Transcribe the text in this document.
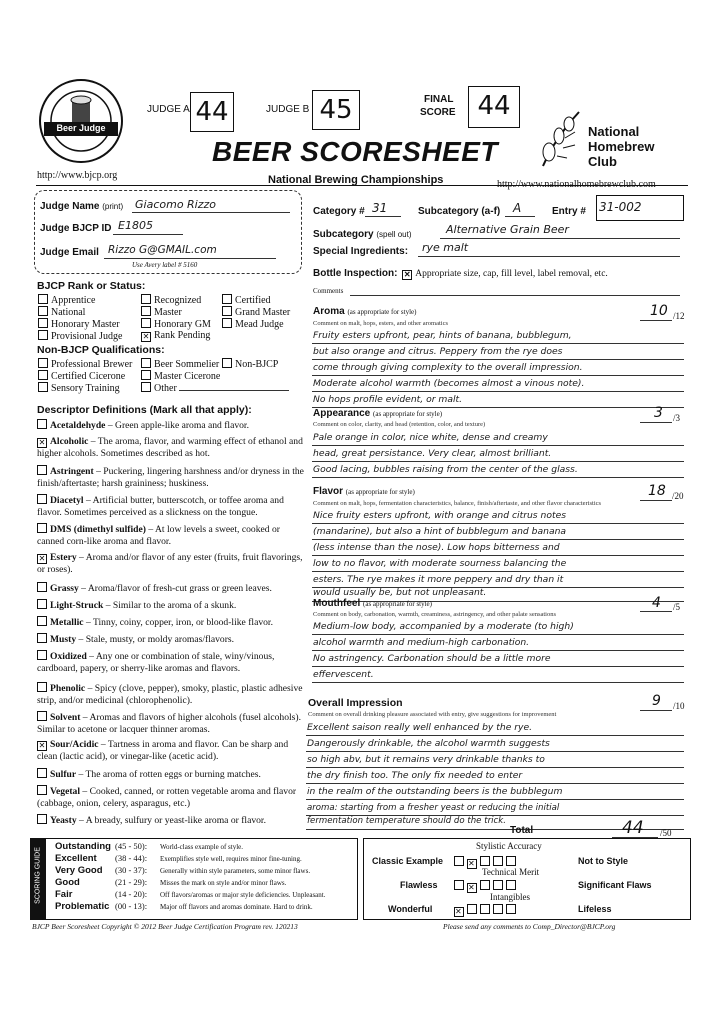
Beer Judge
JUDGE A 44	JUDGE B 45	FINAL
SCORE 44
BEER SCORESHEET
National
Homebrew
Club
http://www.bjcp.org	National Brewing Championships	http://www.nationalhomebrewclub.com
Judge Name (print) Giacomo Rizzo
Judge BJCP ID E1805
Judge Email Rizzo G@GMAIL.com
Use Avery label # 5160
Category # 31	Subcategory (a-f) A	Entry # 31-002
Subcategory (spell out)	Alternative Grain Beer
Special Ingredients: rye malt
Bottle Inspection: ✕ Appropriate size, cap, fill level, label removal, etc.
Comments
BJCP Rank or Status:
Apprentice
National
Honorary Master
Provisional Judge
Recognized
Master
Honorary GM
✕ Rank Pending
Certified
Grand Master
Mead Judge
Non-BJCP Qualifications:
Professional Brewer
Certified Cicerone
Sensory Training
Beer Sommelier
Master Cicerone
Other
Non-BJCP
Descriptor Definitions (Mark all that apply):
Acetaldehyde – Green apple-like aroma and flavor.
✕ Alcoholic – The aroma, flavor, and warming effect of ethanol and higher alcohols. Sometimes described as hot.
Astringent – Puckering, lingering harshness and/or dryness in the finish/aftertaste; harsh graininess; huskiness.
Diacetyl – Artificial butter, butterscotch, or toffee aroma and flavor. Sometimes perceived as a slickness on the tongue.
DMS (dimethyl sulfide) – At low levels a sweet, cooked or canned corn-like aroma and flavor.
✕ Estery – Aroma and/or flavor of any ester (fruits, fruit flavorings, or roses).
Grassy – Aroma/flavor of fresh-cut grass or green leaves.
Light-Struck – Similar to the aroma of a skunk.
Metallic – Tinny, coiny, copper, iron, or blood-like flavor.
Musty – Stale, musty, or moldy aromas/flavors.
Oxidized – Any one or combination of stale, winy/vinous, cardboard, papery, or sherry-like aromas and flavors.
Phenolic – Spicy (clove, pepper), smoky, plastic, plastic adhesive strip, and/or medicinal (chlorophenolic).
Solvent – Aromas and flavors of higher alcohols (fusel alcohols). Similar to acetone or lacquer thinner aromas.
✕ Sour/Acidic – Tartness in aroma and flavor. Can be sharp and clean (lactic acid), or vinegar-like (acetic acid).
Sulfur – The aroma of rotten eggs or burning matches.
Vegetal – Cooked, canned, or rotten vegetable aroma and flavor (cabbage, onion, celery, asparagus, etc.)
Yeasty – A bready, sulfury or yeast-like aroma or flavor.
Aroma (as appropriate for style)
Comment on malt, hops, esters, and other aromatics
10 /12
Fruity esters upfront, pear, hints of banana, bubblegum,
but also orange and citrus. Peppery from the rye does
come through giving complexity to the overall impression.
Moderate alcohol warmth (becomes almost a vinous note).
No hops profile evident, or malt.
Appearance (as appropriate for style)
Comment on color, clarity, and head (retention, color, and texture)
3 /3
Pale orange in color, nice white, dense and creamy
head, great persistance. Very clear, almost brilliant.
Good lacing, bubbles raising from the center of the glass.
Flavor (as appropriate for style)
Comment on malt, hops, fermentation characteristics, balance, finish/aftertaste, and other flavor characteristics
18 /20
Nice fruity esters upfront, with orange and citrus notes
(mandarine), but also a hint of bubblegum and banana
(less intense than the nose). Low hops bitterness and
low to no flavor, with moderate sourness balancing the
esters. The rye makes it more peppery and dry than it
would usually be, but not unpleasant.
Mouthfeel (as appropriate for style)
Comment on body, carbonation, warmth, creaminess, astringency, and other palate sensations
4 /5
Medium-low body, accompanied by a moderate (to high)
alcohol warmth and medium-high carbonation.
No astringency. Carbonation should be a little more
effervescent.
Overall Impression
Comment on overall drinking pleasure associated with entry, give suggestions for improvement
9 /10
Excellent saison really well enhanced by the rye.
Dangerously drinkable, the alcohol warmth suggests
so high abv, but it remains very drinkable thanks to
the dry finish too. The only fix needed to enter
in the realm of the outstanding beers is the bubblegum
aroma: starting from a fresher yeast or reducing the initial
fermentation temperature should do the trick.
Total	44 /50
SCORING GUIDE
Outstanding (45 - 50): World-class example of style.
Excellent (38 - 44): Exemplifies style well, requires minor fine-tuning.
Very Good (30 - 37): Generally within style parameters, some minor flaws.
Good	(21 - 29): Misses the mark on style and/or minor flaws.
Fair	(14 - 20): Off flavors/aromas or major style deficiencies. Unpleasant.
Problematic (00 - 13): Major off flavors and aromas dominate. Hard to drink.
Stylistic Accuracy
Classic Example	✕	Not to Style
Technical Merit
Flawless	✕	Significant Flaws
Intangibles
Wonderful	✕	Lifeless
BJCP Beer Scoresheet Copyright © 2012 Beer Judge Certification Program rev. 120213	Please send any comments to Comp_Director@BJCP.org
